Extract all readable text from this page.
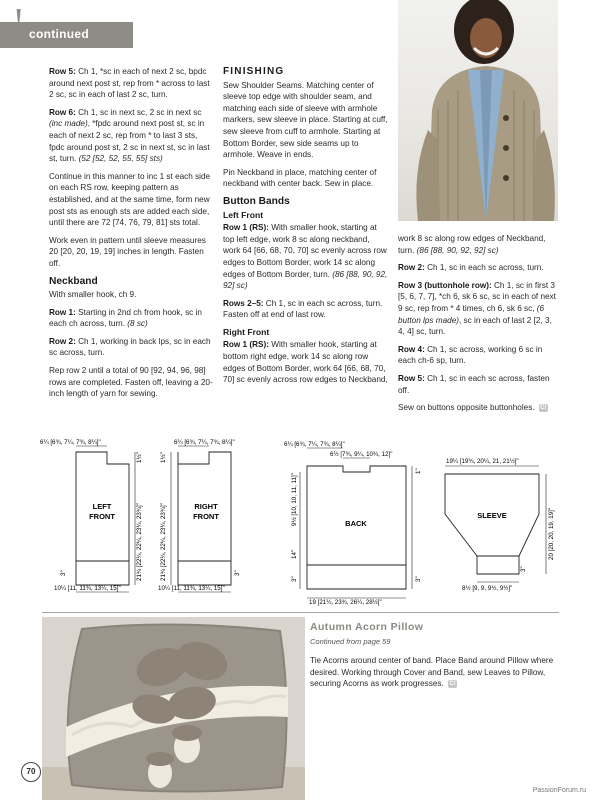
! continued

Row 5: Ch 1, *sc in each of next 2 sc, bpdc around next post st, rep from * across to last 2 sc, sc in each of last 2 sc, turn.

Row 6: Ch 1, sc in next sc, 2 sc in next sc (inc made), *fpdc around next post st, sc in each of next 2 sc, rep from * to last 3 sts, fpdc around post st, 2 sc in next st, sc in last st, turn. (52 [52, 52, 55, 55] sts)

Continue in this manner to inc 1 st each side on each RS row, keeping pattern as established, and at the same time, form new post sts as enough sts are added each side, until there are 72 [74, 76, 79, 81] sts total.

Work even in pattern until sleeve measures 20 [20, 20, 19, 19] inches in length. Fasten off.

Neckband

With smaller hook, ch 9.

Row 1: Starting in 2nd ch from hook, sc in each ch across, turn. (8 sc)

Row 2: Ch 1, working in back lps, sc in each sc across, turn.

Rep row 2 until a total of 90 [92, 94, 96, 98] rows are completed. Fasten off, leaving a 20-inch length of yarn for sewing.

FINISHING

Sew Shoulder Seams. Matching center of sleeve top edge with shoulder seam, and matching each side of sleeve with armhole markers, sew sleeve in place. Starting at cuff, sew sleeve from cuff to armhole. Starting at Bottom Border, sew side seams up to armhole. Weave in ends.

Pin Neckband in place, matching center of neckband with center back. Sew in place.

Button Bands
Left Front

Row 1 (RS): With smaller hook, starting at top left edge, work 8 sc along neckband, work 64 [66, 68, 70, 70] sc evenly across row edges to Bottom Border, work 14 sc along edges of Bottom Border, turn. (86 [88, 90, 92, 92] sc)

Rows 2–5: Ch 1, sc in each sc across, turn. Fasten off at end of last row.

Right Front

Row 1 (RS): With smaller hook, starting at bottom right edge, work 14 sc along row edges of Bottom Border, work 64 [66, 68, 70, 70] sc evenly across row edges to Neckband,

work 8 sc along row edges of Neckband, turn. (86 [88, 90, 92, 92] sc)

Row 2: Ch 1, sc in each sc across, turn.

Row 3 (buttonhole row): Ch 1, sc in first 3 [5, 6, 7, 7], *ch 6, sk 6 sc, sc in each of next 9 sc, rep from * 4 times, ch 6, sk 6 sc, (6 button lps made), sc in each of last 2 [2, 3, 4, 4] sc, turn.

Row 4: Ch 1, sc across, working 6 sc in each ch-6 sp, turn.

Row 5: Ch 1, sc in each sc across, fasten off.

Sew on buttons opposite buttonholes. C!

LEFT
FRONT
6¼ [6¾, 7¼, 7¾, 8¼]"
10¼ [11, 11¾, 13¼, 15]"
3"	21¾ [22¼, 22¼, 23¼, 23¾]"
1½"
RIGHT
FRONT
6¼ [6¾, 7¼, 7¾, 8¼]"
10¼ [11, 11¾, 13¼, 15]"
21¾ [22¼, 22¼, 23¼, 23¾]"
1½"
3"
BACK
6¼ [6¾, 7¼, 7¾, 8¼]"
6½ [7¾, 9¼, 10¾, 12]"
19 [21¼, 23¾, 26¼, 28½]"
9½ [10, 10, 11, 11]"
14"
3"
1"
3"
SLEEVE
19¼ [19¾, 20¼, 21, 21½]"
8½ [9, 9, 9½, 9½]"
20 [20, 20, 19, 19]"
3"
Autumn Acorn Pillow
Continued from page 59
Tie Acorns around center of band. Place Band around Pillow where desired. Working through Cover and Band, sew Leaves to Pillow, securing Acorns as work progresses. C!
70
PassionForum.ru
